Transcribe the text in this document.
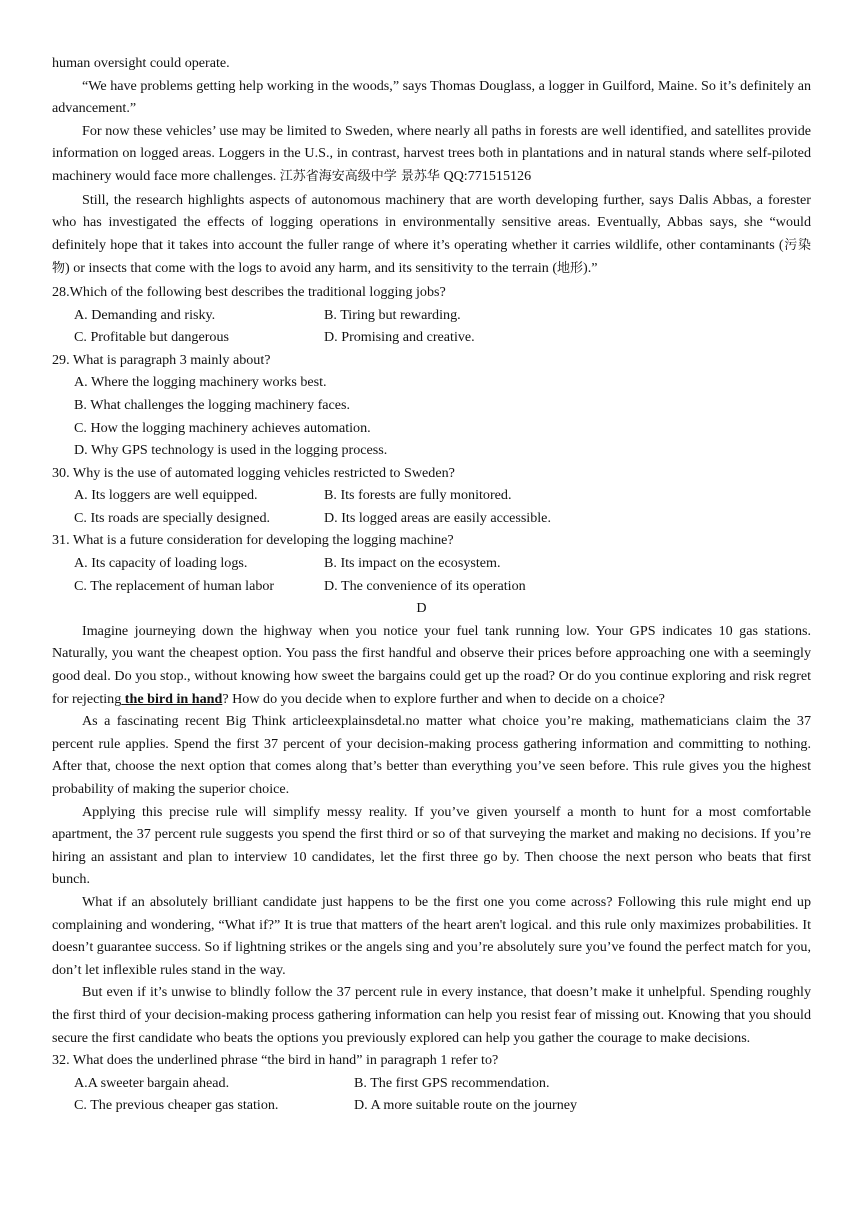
human oversight could operate.

“We have problems getting help working in the woods,” says Thomas Douglass, a logger in Guilford, Maine. So it’s definitely an advancement.”

For now these vehicles’ use may be limited to Sweden, where nearly all paths in forests are well identified, and satellites provide information on logged areas. Loggers in the U.S., in contrast, harvest trees both in plantations and in natural stands where self-piloted machinery would face more challenges. 江苏省海安高级中学 景苏华 QQ:771515126

Still, the research highlights aspects of autonomous machinery that are worth developing further, says Dalis Abbas, a forester who has investigated the effects of logging operations in environmentally sensitive areas. Eventually, Abbas says, she “would definitely hope that it takes into account the fuller range of where it’s operating whether it carries wildlife, other contaminants (污染物) or insects that come with the logs to avoid any harm, and its sensitivity to the terrain (地形).”

28.Which of the following best describes the traditional logging jobs?

A. Demanding and risky.	B. Tiring but rewarding.
C. Profitable but dangerous	D. Promising and creative.

29. What is paragraph 3 mainly about?

A. Where the logging machinery works best.

B. What challenges the logging machinery faces.

C. How the logging machinery achieves automation.

D. Why GPS technology is used in the logging process.

30. Why is the use of automated logging vehicles restricted to Sweden?

A. Its loggers are well equipped.	B. Its forests are fully monitored.
C. Its roads are specially designed.	D. Its logged areas are easily accessible.

31. What is a future consideration for developing the logging machine?

A. Its capacity of loading logs.	B. Its impact on the ecosystem.
C. The replacement of human labor	D. The convenience of its operation

D

Imagine journeying down the highway when you notice your fuel tank running low. Your GPS indicates 10 gas stations. Naturally, you want the cheapest option. You pass the first handful and observe their prices before approaching one with a seemingly good deal. Do you stop., without knowing how sweet the bargains could get up the road? Or do you continue exploring and risk regret for rejecting the bird in hand? How do you decide when to explore further and when to decide on a choice?

As a fascinating recent Big Think articleexplainsdetal.no matter what choice you’re making, mathematicians claim the 37 percent rule applies. Spend the first 37 percent of your decision-making process gathering information and committing to nothing. After that, choose the next option that comes along that’s better than everything you’ve seen before. This rule gives you the highest probability of making the superior choice.

Applying this precise rule will simplify messy reality. If you’ve given yourself a month to hunt for a most comfortable apartment, the 37 percent rule suggests you spend the first third or so of that surveying the market and making no decisions. If you’re hiring an assistant and plan to interview 10 candidates, let the first three go by. Then choose the next person who beats that first bunch.

What if an absolutely brilliant candidate just happens to be the first one you come across? Following this rule might end up complaining and wondering, “What if?” It is true that matters of the heart aren't logical. and this rule only maximizes probabilities. It doesn’t guarantee success. So if lightning strikes or the angels sing and you’re absolutely sure you’ve found the perfect match for you, don’t let inflexible rules stand in the way.

But even if it’s unwise to blindly follow the 37 percent rule in every instance, that doesn’t make it unhelpful. Spending roughly the first third of your decision-making process gathering information can help you resist fear of missing out. Knowing that you should secure the first candidate who beats the options you previously explored can help you gather the courage to make decisions.

32. What does the underlined phrase “the bird in hand” in paragraph 1 refer to?

A.A sweeter bargain ahead.	B. The first GPS recommendation.
C. The previous cheaper gas station.	D. A more suitable route on the journey
